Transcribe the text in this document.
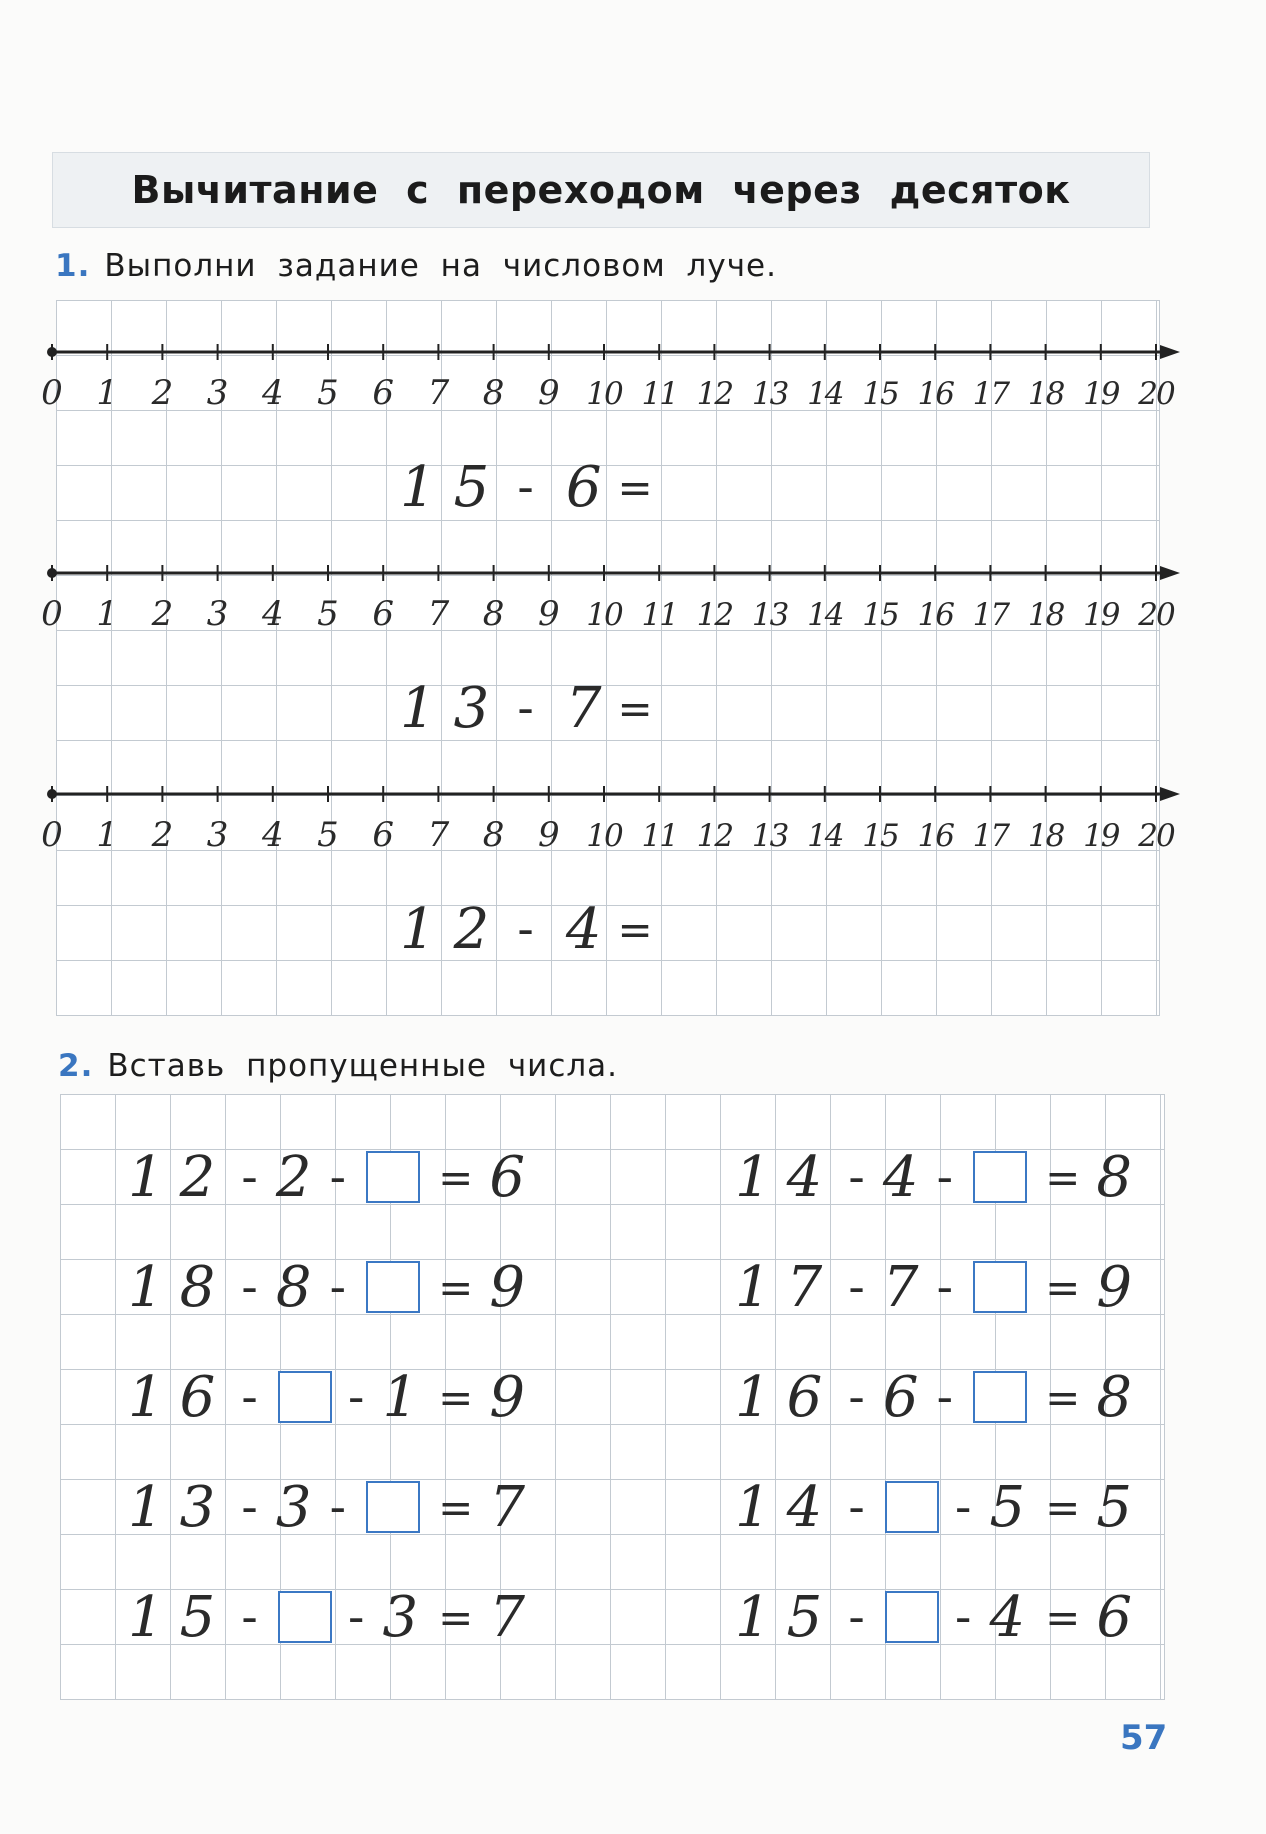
Вычитание с переходом через десяток
1. Выполни задание на числовом луче.
0 1 2 3 4 5 6 7 8 9 10 11 12 13 14 15 16 17 18 19 20
0 1 2 3 4 5 6 7 8 9 10 11 12 13 14 15 16 17 18 19 20
0 1 2 3 4 5 6 7 8 9 10 11 12 13 14 15 16 17 18 19 20
15 - 6 =
13 - 7 =
12 - 4 =
2. Вставь пропущенные числа.
12 - 2 - = 6
18 - 8 - = 9
16 - - 1 = 9
13 - 3 - = 7
15 - - 3 = 7
14 - 4 - = 8
17 - 7 - = 9
16 - 6 - = 8
14 - - 5 = 5
15 - - 4 = 6
57
